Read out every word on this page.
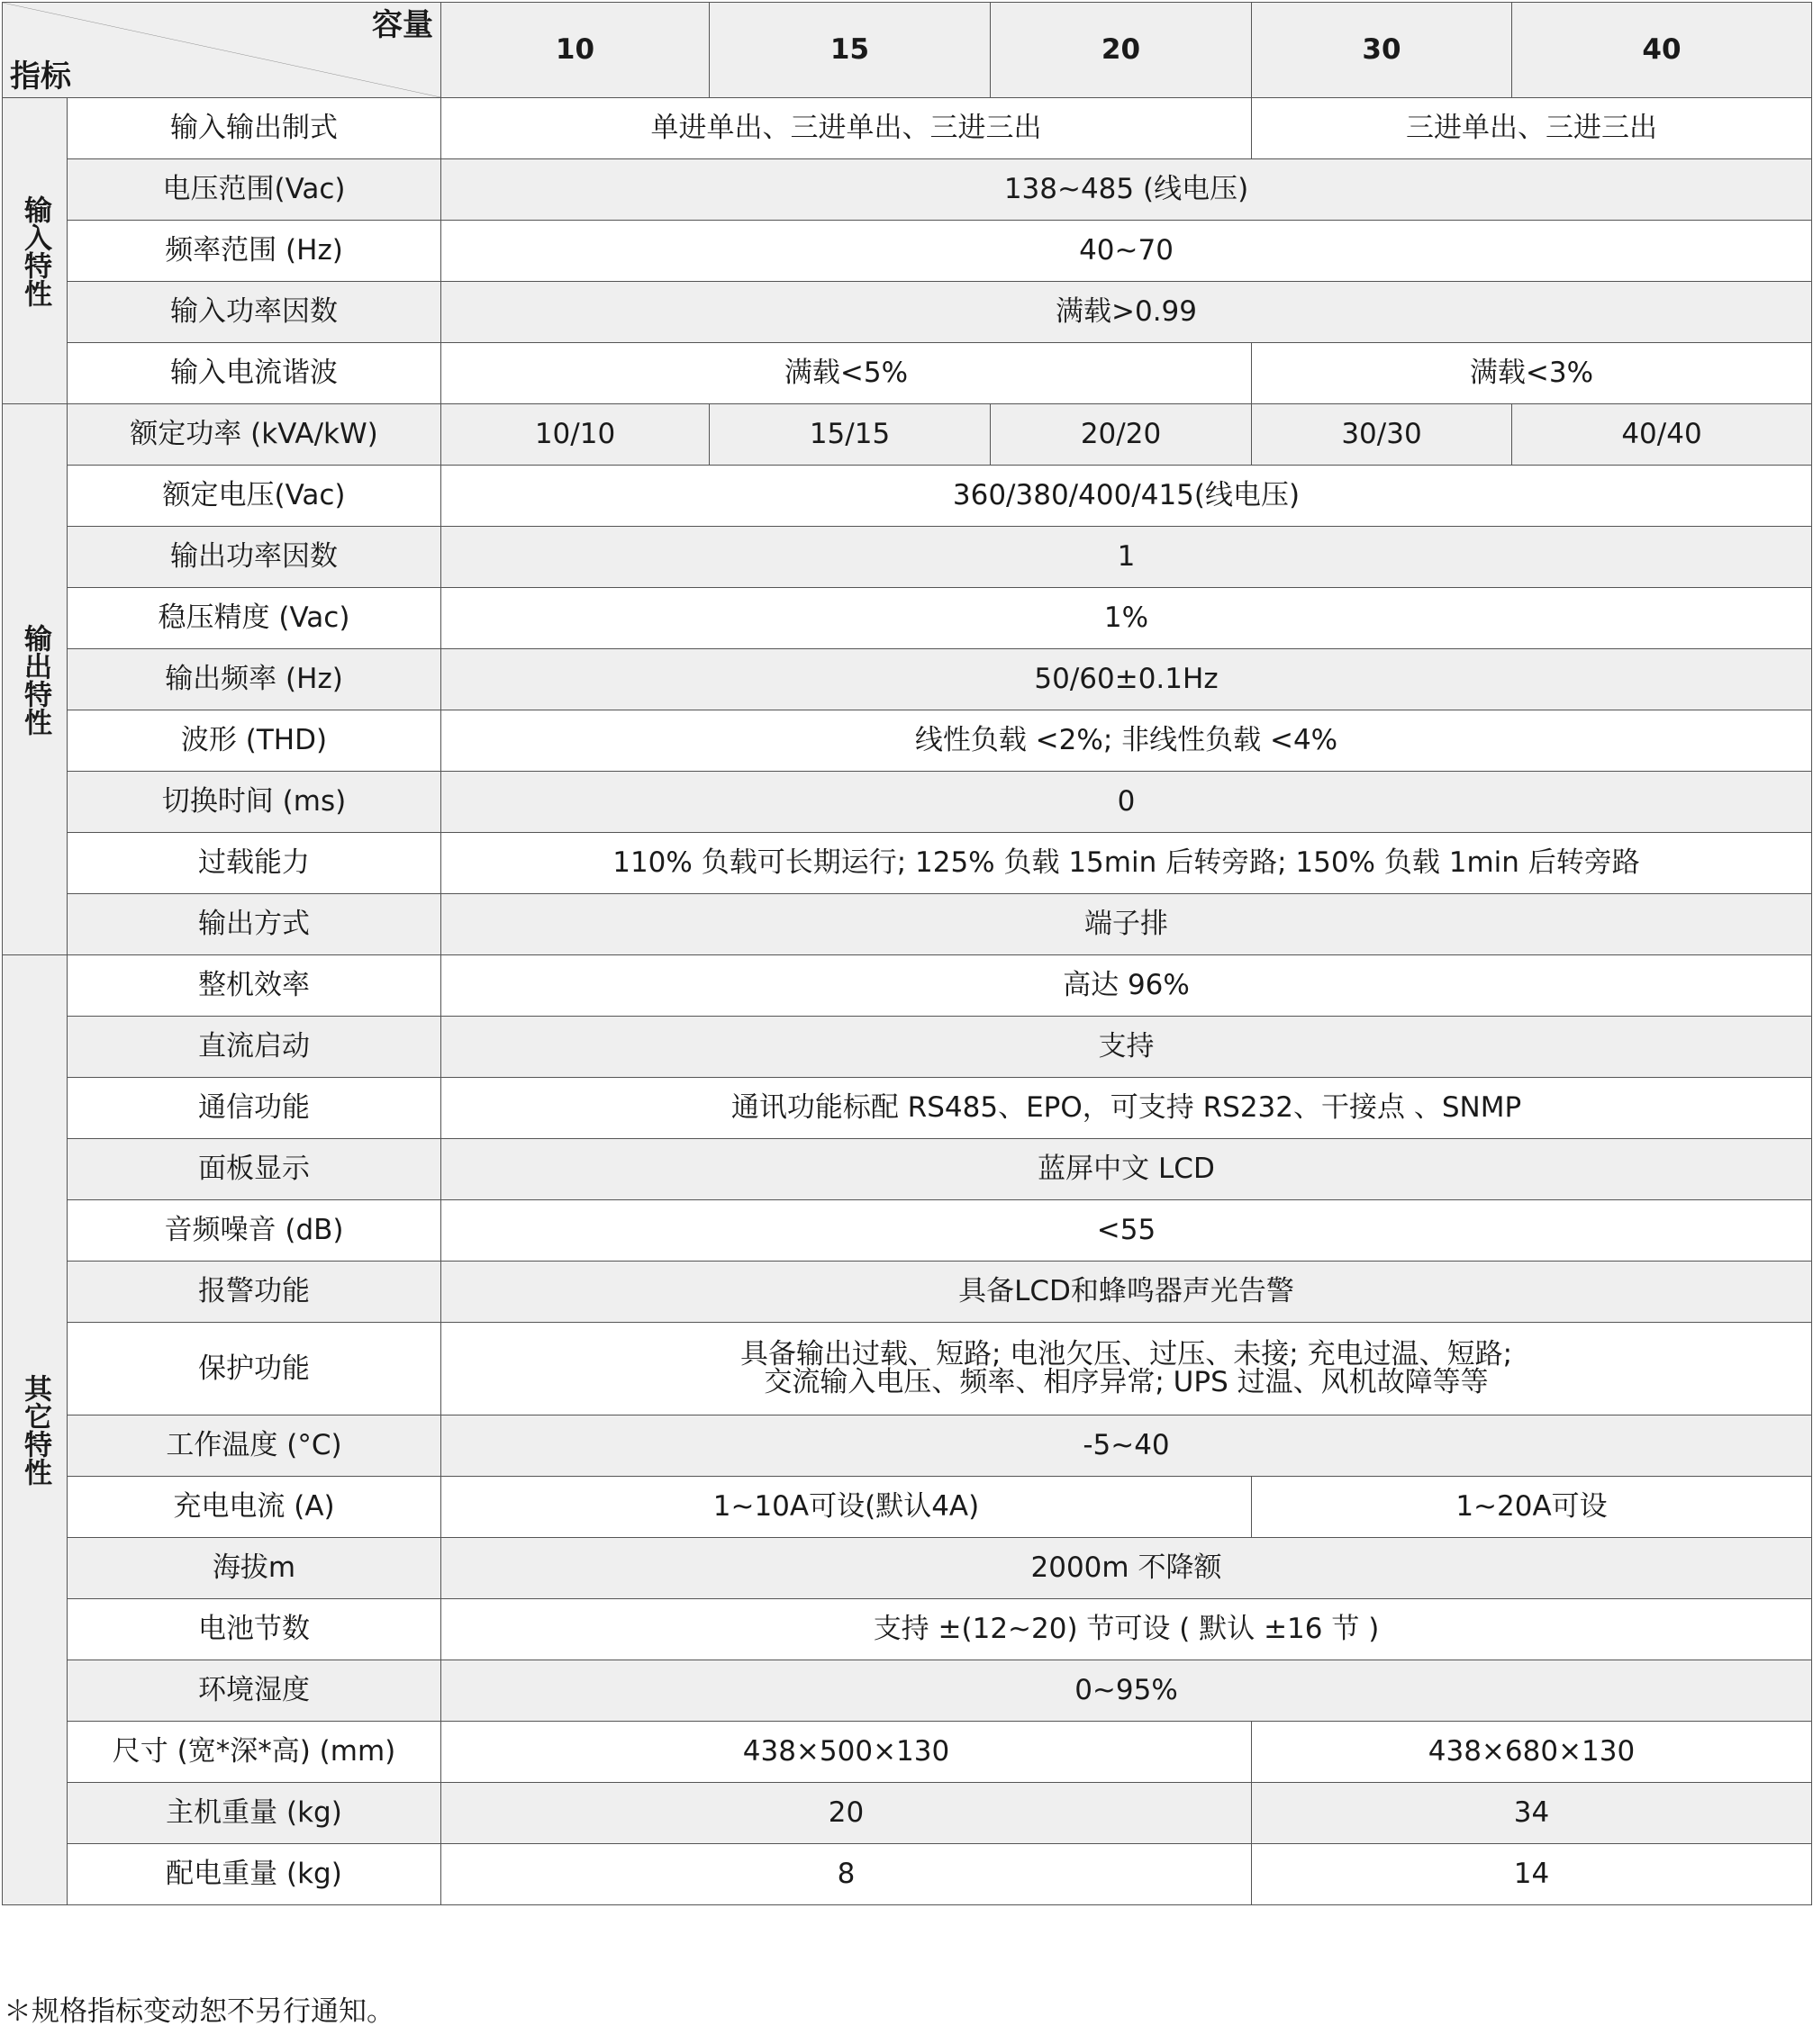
容量
指标		10	15	20	30	40
输入特性	输入输出制式	单进单出、三进单出、三进三出			三进单出、三进三出	
	电压范围(Vac)	138~485 (线电压)				
	频率范围 (Hz)	40~70				
	输入功率因数	满载>0.99				
	输入电流谐波	满载<5%			满载<3%	
输出特性	额定功率 (kVA/kW)	10/10	15/15	20/20	30/30	40/40
	额定电压(Vac)	360/380/400/415(线电压)				
	输出功率因数	1				
	稳压精度 (Vac)	1%				
	输出频率 (Hz)	50/60±0.1Hz				
	波形 (THD)	线性负载 <2%; 非线性负载 <4%				
	切换时间 (ms)	0				
	过载能力	110% 负载可长期运行; 125% 负载 15min 后转旁路; 150% 负载 1min 后转旁路				
	输出方式	端子排				
其它特性	整机效率	高达 96%				
	直流启动	支持				
	通信功能	通讯功能标配 RS485、EPO，可支持 RS232、干接点 、SNMP				
	面板显示	蓝屏中文 LCD				
	音频噪音 (dB)	<55				
	报警功能	具备LCD和蜂鸣器声光告警				
	保护功能	具备输出过载、短路; 电池欠压、过压、未接; 充电过温、短路;
交流输入电压、频率、相序异常; UPS 过温、风机故障等等				

	工作温度 (°C)	-5~40				
	充电电流 (A)	1~10A可设(默认4A)			1~20A可设	
	海拔m	2000m 不降额				
	电池节数	支持 ±(12~20) 节可设 ( 默认 ±16 节 )				
	环境湿度	0~95%				
	尺寸 (宽*深*高) (mm)	438×500×130			438×680×130	
	主机重量 (kg)	20			34	
	配电重量 (kg)	8			14	
＊规格指标变动恕不另行通知。
